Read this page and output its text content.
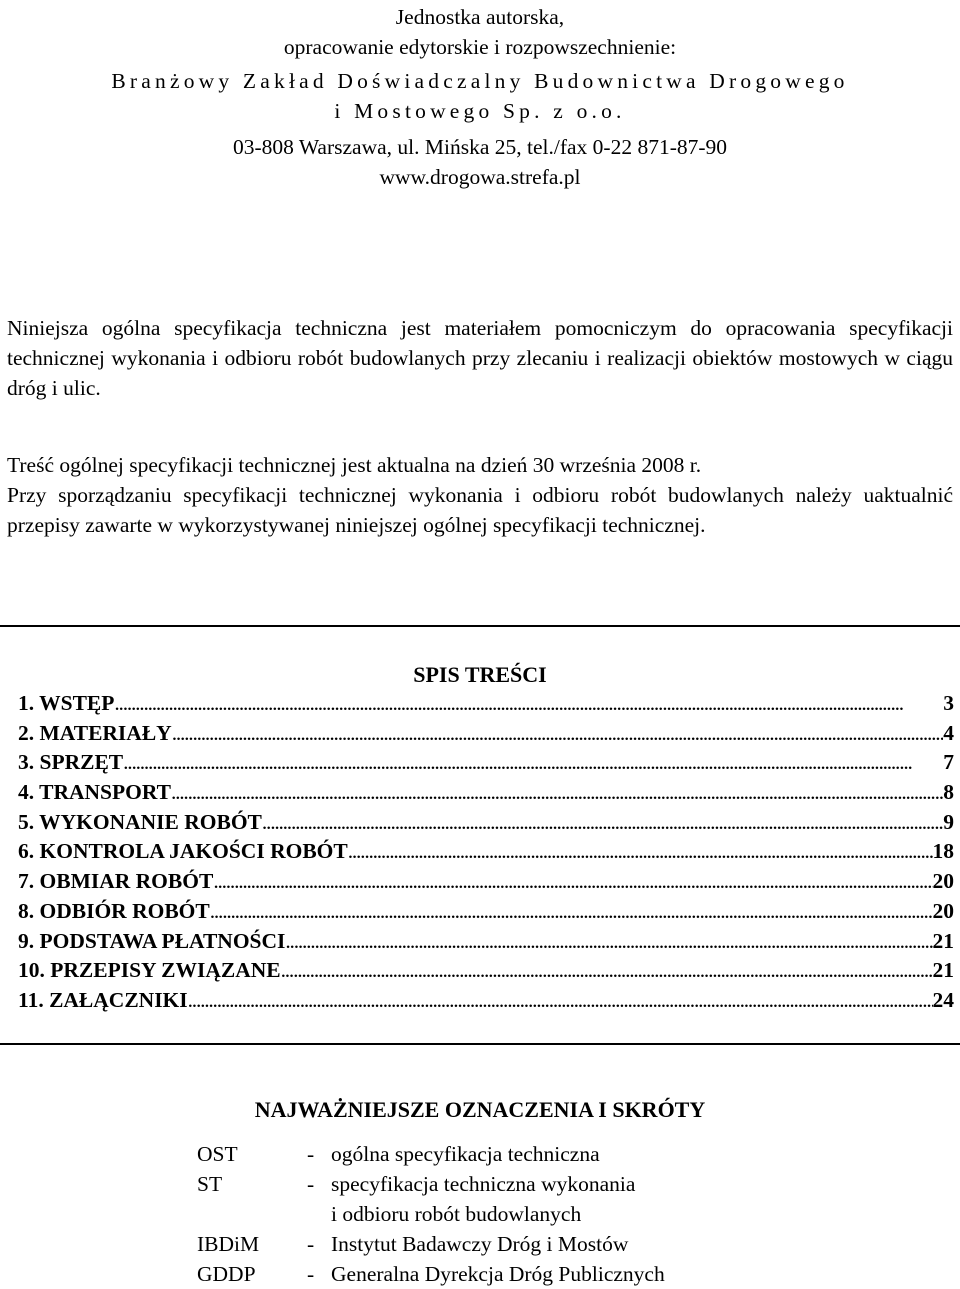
Jednostka autorska,
opracowanie edytorskie i rozpowszechnienie:
Branżowy Zakład Doświadczalny Budownictwa Drogowego
i Mostowego Sp. z o.o.
03-808 Warszawa, ul. Mińska 25, tel./fax 0-22 871-87-90
www.drogowa.strefa.pl
Niniejsza ogólna specyfikacja techniczna jest materiałem pomocniczym do opracowania specyfikacji technicznej wykonania i odbioru robót budowlanych przy zlecaniu i realizacji obiektów mostowych w ciągu dróg i ulic.
Treść ogólnej specyfikacji technicznej jest aktualna na dzień 30 września 2008 r.
Przy sporządzaniu specyfikacji technicznej wykonania i odbioru robót budowlanych należy uaktualnić przepisy zawarte w wykorzystywanej niniejszej ogólnej specyfikacji technicznej.
SPIS TREŚCI
1. WSTĘP . . .	3
2. MATERIAŁY . . .	4
3. SPRZĘT . . .	7
4. TRANSPORT . . .	8
5. WYKONANIE ROBÓT . . .	9
6. KONTROLA JAKOŚCI ROBÓT . . .	18
7. OBMIAR ROBÓT . . .	20
8. ODBIÓR ROBÓT . . .	20
9. PODSTAWA PŁATNOŚCI . . .	21
10. PRZEPISY ZWIĄZANE . . .	21
11. ZAŁĄCZNIKI . . .	24
NAJWAŻNIEJSZE OZNACZENIA I SKRÓTY
OST	- ogólna specyfikacja techniczna
ST	- specyfikacja techniczna wykonania
i odbioru robót budowlanych
IBDiM - Instytut Badawczy Dróg i Mostów
GDDP - Generalna Dyrekcja Dróg Publicznych
